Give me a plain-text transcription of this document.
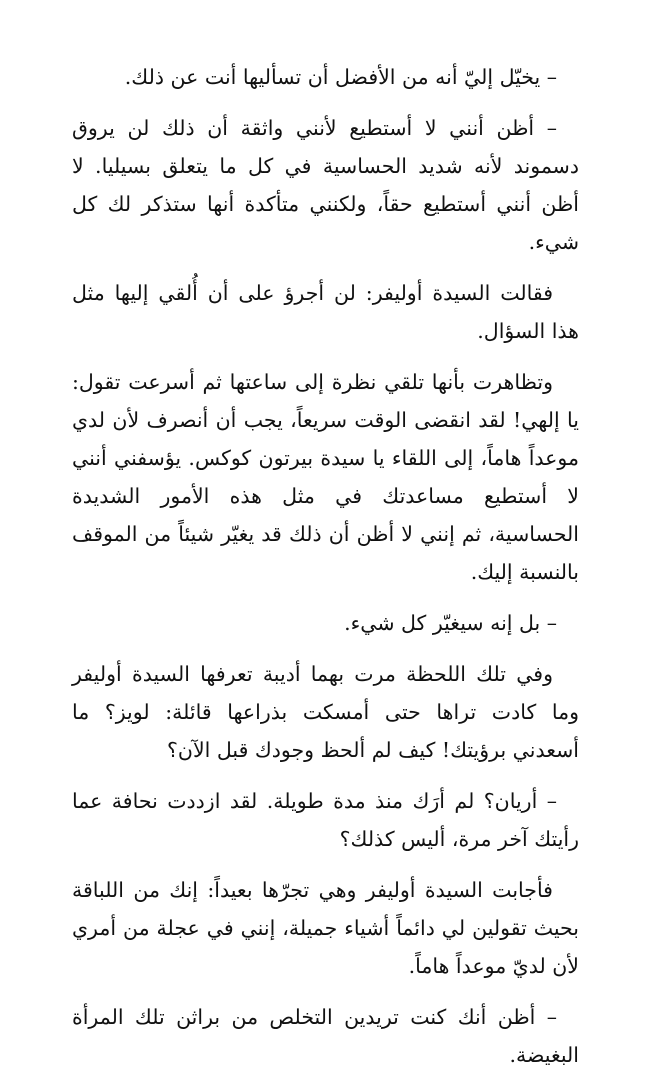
– يخيّل إليّ أنه من الأفضل أن تسأليها أنت عن ذلك.

– أظن أنني لا أستطيع لأنني واثقة أن ذلك لن يروق دسموند لأنه شديد الحساسية في كل ما يتعلق بسيليا. لا أظن أنني أستطيع حقاً، ولكنني متأكدة أنها ستذكر لك كل شيء.

فقالت السيدة أوليفر: لن أجرؤ على أن أُلقي إليها مثل هذا السؤال.

وتظاهرت بأنها تلقي نظرة إلى ساعتها ثم أسرعت تقول: يا إلهي! لقد انقضى الوقت سريعاً، يجب أن أنصرف لأن لدي موعداً هاماً، إلى اللقاء يا سيدة بيرتون كوكس. يؤسفني أنني لا أستطيع مساعدتك في مثل هذه الأمور الشديدة الحساسية، ثم إنني لا أظن أن ذلك قد يغيّر شيئاً من الموقف بالنسبة إليك.

– بل إنه سيغيّر كل شيء.

وفي تلك اللحظة مرت بهما أديبة تعرفها السيدة أوليفر وما كادت تراها حتى أمسكت بذراعها قائلة: لويز؟ ما أسعدني برؤيتك! كيف لم ألحظ وجودك قبل الآن؟

– أريان؟ لم أرَك منذ مدة طويلة. لقد ازددت نحافة عما رأيتك آخر مرة، أليس كذلك؟

فأجابت السيدة أوليفر وهي تجرّها بعيداً: إنك من اللباقة بحيث تقولين لي دائماً أشياء جميلة، إنني في عجلة من أمري لأن لديّ موعداً هاماً.

– أظن أنك كنت تريدين التخلص من براثن تلك المرأة البغيضة.
